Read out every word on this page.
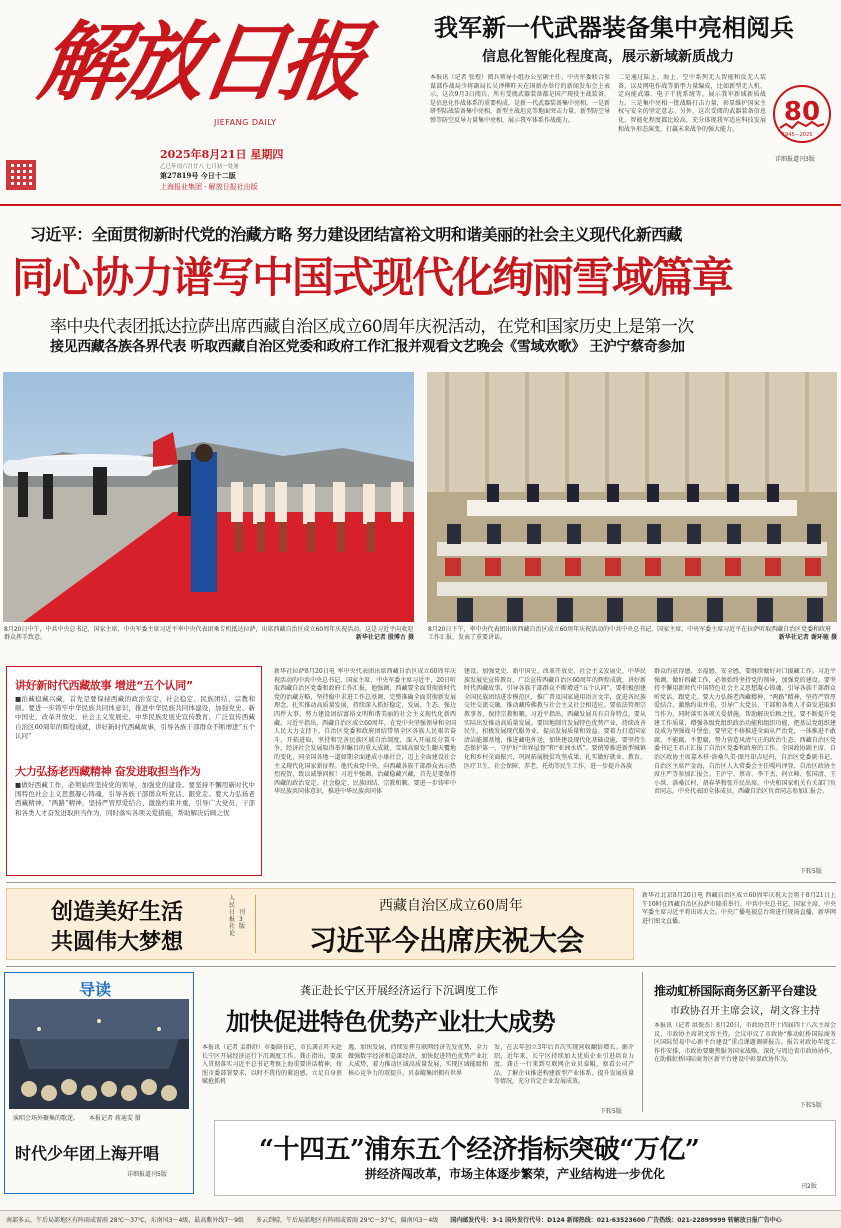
解放日报
JIEFANG DAILY
2025年8月21日 星期四
乙巳年闰六月廿八 七月初一处暑
第27819号 今日十二版
上海报业集团 · 解放日报社出版
我军新一代武器装备集中亮相阅兵
信息化智能化程度高，展示新域新质战力
本报讯（记者 张煜）阅兵领导小组办公室副主任、中央军委联合参谋部作战局少将副局长吴泽柳昨天在国新办举行的新闻发布会上表示，这次9月3日阅兵，所有受阅武器装备都是国产现役主战装备，是信息化作战体系的重要构成，是新一代武器装备集中亮相。一是新研型陆战装备集中亮相，新型主战坦克等地面突击力量、新型防空导弹等防空反导力量集中亮相，展示我军体系作战能力。
二是通过陆上、海上、空中系列无人智能和反无人装备，以及网电作战等新型力量编成，比如新型无人机、定向能武器、电子干扰系统等，展示我军新域新质战力。三是集中亮相一批战略打击力量，彰显维护国家主权与安全的坚定意志。另外，这次受阅的武器装备信息化、智能化程度都比较高，充分体现我军适应科技发展和战争形态演变，打赢未来战争的强大能力。
80
1945—2025
详细报道刊3版
习近平：全面贯彻新时代党的治藏方略 努力建设团结富裕文明和谐美丽的社会主义现代化新西藏
同心协力谱写中国式现代化绚丽雪域篇章
率中央代表团抵达拉萨出席西藏自治区成立60周年庆祝活动，在党和国家历史上是第一次
接见西藏各族各界代表 听取西藏自治区党委和政府工作汇报并观看文艺晚会《雪域欢歌》 王沪宁蔡奇参加
8月20日中午，中共中央总书记、国家主席、中央军委主席习近平率中央代表团乘专机抵达拉萨，出席西藏自治区成立60周年庆祝活动。这是习近平向欢迎群众挥手致意。	新华社记者 殷博古 摄
8月20日下午，率中央代表团出席西藏自治区成立60周年庆祝活动的中共中央总书记、国家主席、中央军委主席习近平在拉萨听取西藏自治区党委和政府工作汇报，发表了重要讲话。	新华社记者 谢环驰 摄
讲好新时代西藏故事 增进“五个认同”
■治藏稳藏兴藏，首先是要保持西藏的政治安定、社会稳定、民族团结、宗教和顺。要进一步铸牢中华民族共同体意识，推进中华民族共同体建设，加强党史、新中国史、改革开放史、社会主义发展史、中华民族发展史宣传教育，广泛宣传西藏自治区60周年的辉煌成就，讲好新时代西藏故事，引导各族干部群众不断增进“五个认同”
大力弘扬老西藏精神 奋发进取担当作为
■做好西藏工作，必须始终坚持党的领导，加强党的建设。要坚持不懈用新时代中国特色社会主义思想凝心铸魂，引导各族干部群众听党话、跟党走。要大力弘扬老西藏精神、“两路”精神，坚持严管厚爱结合、激励约束并重，引导广大党员、干部和各类人才奋发进取担当作为，同时落实各项关爱措施，帮助解决后顾之忧
新华社拉萨8月20日电 率中央代表团出席西藏自治区成立60周年庆祝活动的中共中央总书记、国家主席、中央军委主席习近平，20日听取西藏自治区党委和政府工作汇报，他强调，西藏要全面贯彻新时代党的治藏方略，坚持稳中求进工作总基调，完整准确全面贯彻新发展理念，扎实推动高质量发展，持续深入抓好稳定、发展、生态、强边四件大事，努力建设团结富裕文明和谐美丽的社会主义现代化新西藏。习近平指出，西藏自治区成立60周年，在党中央坚强领导和全国人民大力支持下，自治区党委和政府团结带领全区各族人民艰苦奋斗、开拓进取，坚持和完善民族区域自治制度，深入开展反分裂斗争，经济社会发展取得举世瞩目的重大成就，雪域高原发生翻天覆地的变化，同全国各地一道如期全面建成小康社会，迈上全面建设社会主义现代化国家新征程。他代表党中央，向西藏各族干部群众表示热烈祝贺，致以诚挚问候！习近平强调，治藏稳藏兴藏，首先是要保持西藏的政治安定、社会稳定、民族团结、宗教和顺。要进一步铸牢中华民族共同体意识，推进中华民族共同体
建设，加强党史、新中国史、改革开放史、社会主义发展史、中华民族发展史宣传教育，广泛宣传西藏自治区60周年的辉煌成就，讲好新时代西藏故事，引导各族干部群众不断增进“五个认同”。要积极创建全国民族团结进步模范区，推广普及国家通用语言文字，促进各民族交往交流交融。推动藏传佛教与社会主义社会相适应。要依法管理宗教事务，保持宗教和顺。习近平指出，西藏发展具有自身特点，要从实际出发推动高质量发展。要因地制宜发展特色优势产业，持续改善民生，积极发展现代服务业，提高发展质量和效益。要着力打造国家清洁能源基地，推进藏电外送，加快建设现代化基础设施。要坚持生态保护第一，守护好“世界屋脊”和“亚洲水塔”。要统筹推进新型城镇化和乡村全面振兴，巩固拓展脱贫攻坚成果，扎实做好就业、教育、医疗卫生、社会保障、养老、托幼等民生工作，进一步提升各族
群众的获得感、幸福感、安全感，要继续做好对口援藏工作。习近平强调，做好西藏工作，必须始终坚持党的领导，加强党的建设。要坚持不懈用新时代中国特色社会主义思想凝心铸魂，引导各族干部群众听党话、跟党走。要大力弘扬老西藏精神、“两路”精神，坚持严管厚爱结合、激励约束并重，引导广大党员、干部和各类人才奋发进取担当作为，同时落实各项关爱措施，帮助解决后顾之忧。要不断提升党建工作质量，增强各级党组织政治功能和组织功能，把基层党组织建设成为坚强战斗堡垒。要坚定不移推进全面从严治党，一体推进不敢腐、不能腐、不想腐，努力营造风清气正的政治生态。西藏自治区党委书记王君正汇报了自治区党委和政府的工作。全国政协副主席、自治区政协主席嘉木样·洛桑久美·图丹却吉尼玛，自治区党委副书记、自治区主席严金海，自治区人大常委会主任嘎玛泽登，自治区政协主席庄严等参加汇报会。王沪宁、蔡奇、李干杰、何立峰、张国清、王小洪、洛桑江村、胡春华和张升民出席。中央和国家机关有关部门负责同志，中央代表团全体成员，西藏自治区负责同志参加汇报会。
下转5版
创造美好生活
共圆伟大梦想
人民日报社论
刊3版
西藏自治区成立60周年
习近平今出席庆祝大会
新华社北京8月20日电 西藏自治区成立60周年庆祝大会将于8月21日上午10时在西藏自治区拉萨市隆重举行。中共中央总书记、国家主席、中央军委主席习近平将出席大会。中央广播电视总台将进行现场直播，新华网进行图文直播。
导读
演唱会场外聚集的歌迷。 本报记者 蒋迪雯 摄
时代少年团上海开唱
详细报道刊5版
龚正赴长宁区开展经济运行下沉调度工作
加快促进特色优势产业壮大成势
本报讯（记者 孟群舒）市委副书记、市长龚正昨天赴长宁区开展经济运行下沉调度工作。龚正指出，要深入贯彻落实习近平总书记考察上海重要讲话精神，按照市委部署要求，以时不我待的紧迫感，立足自身禀赋抢抓机
遇，加快发展，持续发挥互联网经济先发优势，全力做强数字经济和总部经济，加快促进特色优势产业壮大成势，着力推动区域高质量发展，实现区域能级和核心竞争力的双提升。贝泰鲲集团拥有世界
发，在去年创立3年后首次实现营收翻倍增长。据介绍，近年来，长宁区持续加大优质企业引进培育力度。龚正一行来到互联网企业贝泰鲲，察看公司产品，了解企业推进构建新型产业体系、提升发展质量等情况，充分肯定企业发展成效。
下转5版
推动虹桥国际商务区新平台建设
市政协召开主席会议，胡文容主持
本报讯（记者 洪俊杰）8月20日，市政协召开十四届四十八次主席会议，市政协主席胡文容主持。会议审议了市政协“推动虹桥国际商务区国际贸易中心新平台建设”重点课题调研报告。报告对政协年度工作作安排，市政协要聚焦服务国家战略，深化与周边省市政协协作，在助推虹桥国际商务区新平台建设中彰显政协作为。
下转5版
“十四五”浦东五个经济指标突破“万亿”
拼经济闯改革，市场主体逐步繁荣，产业结构进一步优化
刊2版
南部多云，午后局部地区有阵雨或雷雨 28℃～37℃，东南风3～4级，最高紫外线7～9级 多云到晴，午后局部地区有阵雨或雷雨 29℃～37℃，偏南风3～4级 国内邮发代号：3-1 国外发行代号：D124 新闻热线：021-63523600 广告热线：021-22899999 转解放日报广告中心
